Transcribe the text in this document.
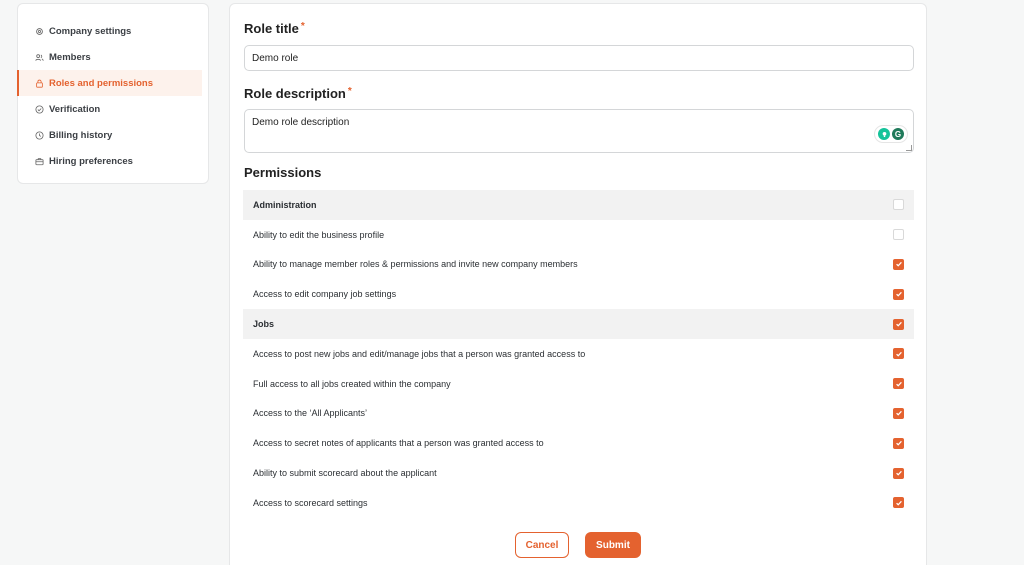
Company settings
Members
Roles and permissions
Verification
Billing history
Hiring preferences
Role title *
Demo role
Role description *
Demo role description
G
Permissions
Administration
Ability to edit the business profile
Ability to manage member roles & permissions and invite new company members
Access to edit company job settings
Jobs
Access to post new jobs and edit/manage jobs that a person was granted access to
Full access to all jobs created within the company
Access to the ‘All Applicants’
Access to secret notes of applicants that a person was granted access to
Ability to submit scorecard about the applicant
Access to scorecard settings
Cancel	Submit
